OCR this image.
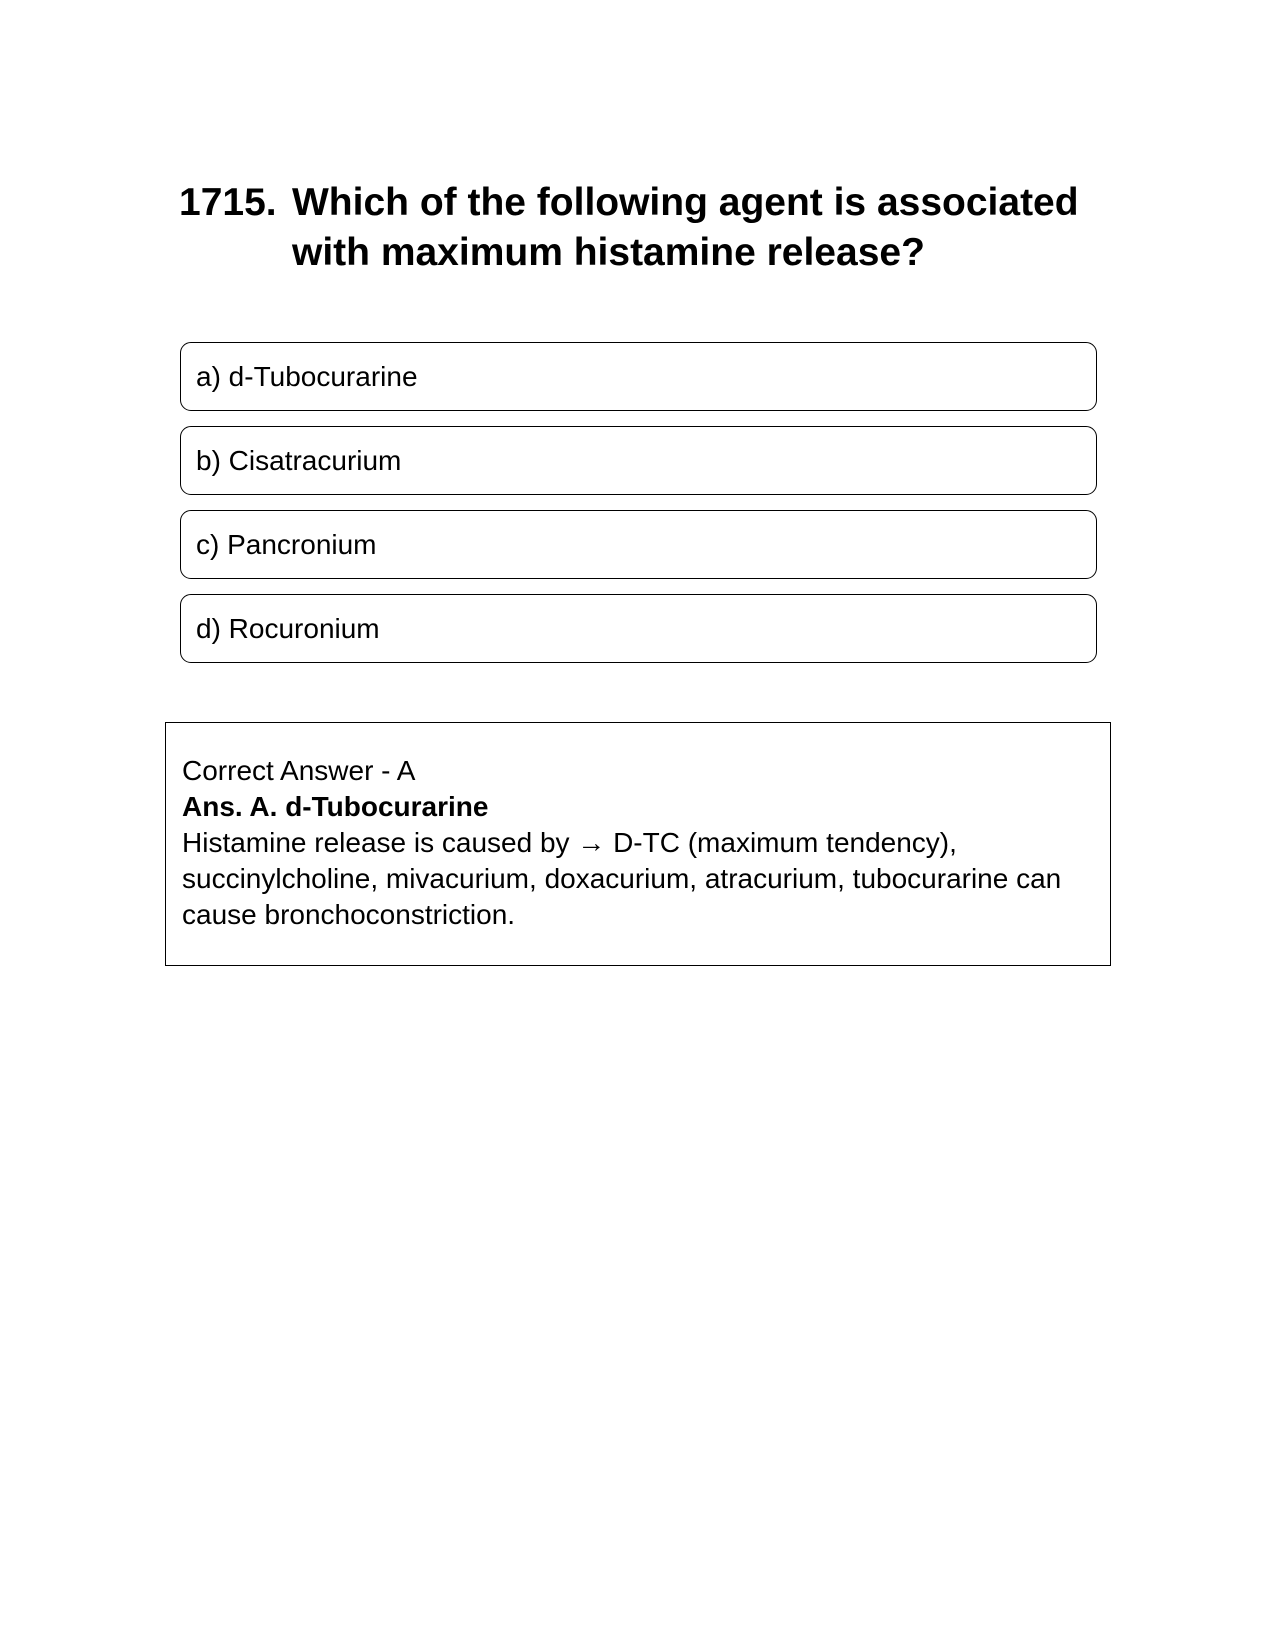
1715. Which of the following agent is associated with maximum histamine release?
a) d-Tubocurarine
b) Cisatracurium
c) Pancronium
d) Rocuronium
Correct Answer - A
Ans. A. d-Tubocurarine
Histamine release is caused by → D-TC (maximum tendency), succinylcholine, mivacurium, doxacurium, atracurium, tubocurarine can cause bronchoconstriction.
